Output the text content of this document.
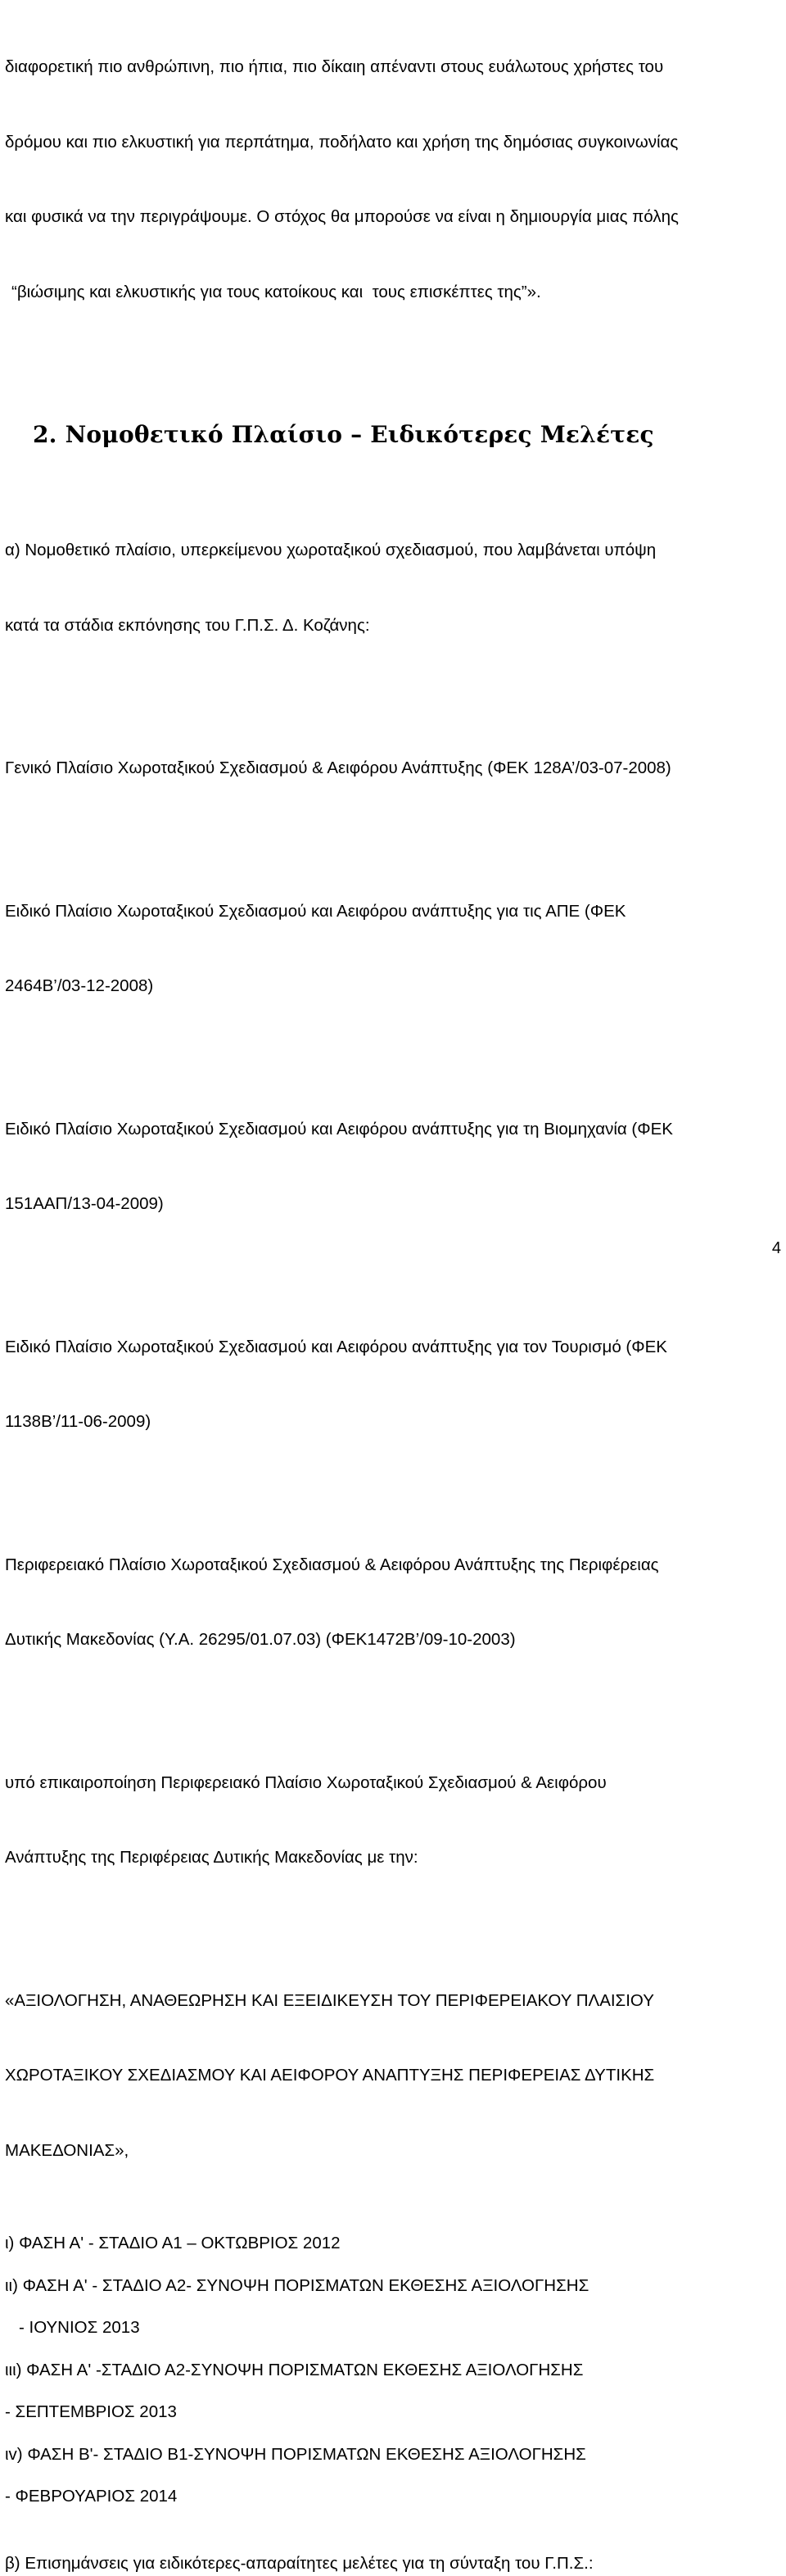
διαφορετική πιο ανθρώπινη, πιο ήπια, πιο δίκαιη απέναντι στους ευάλωτους χρήστες του

δρόμου και πιο ελκυστική για περπάτημα, ποδήλατο και χρήση της δημόσιας συγκοινωνίας

και φυσικά να την περιγράψουμε. Ο στόχος θα μπορούσε να είναι η δημιουργία μιας πόλης

“βιώσιμης και ελκυστικής για τους κατοίκους και  τους επισκέπτες της”».

2. Νομοθετικό Πλαίσιο – Ειδικότερες Μελέτες

α) Νομοθετικό πλαίσιο, υπερκείμενου χωροταξικού σχεδιασμού, που λαμβάνεται υπόψη

κατά τα στάδια εκπόνησης του Γ.Π.Σ. Δ. Κοζάνης:

Γενικό Πλαίσιο Χωροταξικού Σχεδιασμού & Αειφόρου Ανάπτυξης (ΦΕΚ 128Α’/03-07-2008)

Ειδικό Πλαίσιο Χωροταξικού Σχεδιασμού και Αειφόρου ανάπτυξης για τις ΑΠΕ (ΦΕΚ

2464Β’/03-12-2008)

Ειδικό Πλαίσιο Χωροταξικού Σχεδιασμού και Αειφόρου ανάπτυξης για τη Βιομηχανία (ΦΕΚ

151ΑΑΠ/13-04-2009)

Ειδικό Πλαίσιο Χωροταξικού Σχεδιασμού και Αειφόρου ανάπτυξης για τον Τουρισμό (ΦΕΚ

1138Β’/11-06-2009)

Περιφερειακό Πλαίσιο Χωροταξικού Σχεδιασμού & Αειφόρου Ανάπτυξης της Περιφέρειας

Δυτικής Μακεδονίας (Υ.Α. 26295/01.07.03) (ΦΕΚ1472Β’/09-10-2003)

υπό επικαιροποίηση Περιφερειακό Πλαίσιο Χωροταξικού Σχεδιασμού & Αειφόρου

Ανάπτυξης της Περιφέρειας Δυτικής Μακεδονίας με την:

«ΑΞΙΟΛΟΓΗΣΗ, ΑΝΑΘΕΩΡΗΣΗ ΚΑΙ ΕΞΕΙΔΙΚΕΥΣΗ ΤΟΥ ΠΕΡΙΦΕΡΕΙΑΚΟΥ ΠΛΑΙΣΙΟΥ

ΧΩΡΟΤΑΞΙΚΟΥ ΣΧΕΔΙΑΣΜΟΥ ΚΑΙ ΑΕΙΦΟΡΟΥ ΑΝΑΠΤΥΞΗΣ ΠΕΡΙΦΕΡΕΙΑΣ ΔΥΤΙΚΗΣ

ΜΑΚΕΔΟΝΙΑΣ»,

ι) ΦΑΣΗ Α' - ΣΤΑΔΙΟ Α1 – ΟΚΤΩΒΡΙΟΣ 2012
ιι) ΦΑΣΗ Α' - ΣΤΑΔΙΟ Α2- ΣΥΝΟΨΗ ΠΟΡΙΣΜΑΤΩΝ ΕΚΘΕΣΗΣ ΑΞΙΟΛΟΓΗΣΗΣ
- ΙΟΥΝΙΟΣ 2013
ιιι) ΦΑΣΗ Α' -ΣΤΑΔΙΟ Α2-ΣΥΝΟΨΗ ΠΟΡΙΣΜΑΤΩΝ ΕΚΘΕΣΗΣ ΑΞΙΟΛΟΓΗΣΗΣ
- ΣΕΠΤΕΜΒΡΙΟΣ 2013
ιv) ΦΑΣΗ Β'- ΣΤΑΔΙΟ Β1-ΣΥΝΟΨΗ ΠΟΡΙΣΜΑΤΩΝ ΕΚΘΕΣΗΣ ΑΞΙΟΛΟΓΗΣΗΣ
- ΦΕΒΡΟΥΑΡΙΟΣ 2014
β) Επισημάνσεις για ειδικότερες-απαραίτητες μελέτες για τη σύνταξη του Γ.Π.Σ.:
4
